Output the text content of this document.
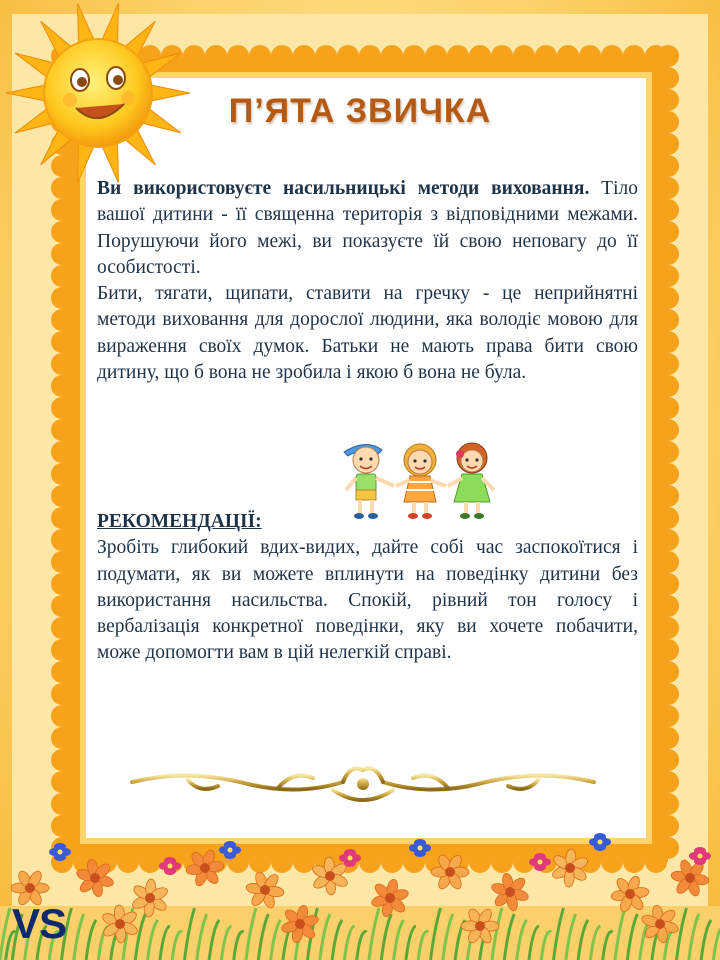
П’ЯТА ЗВИЧКА

Ви використовуєте насильницькі методи виховання. Тіло вашої дитини - її священна територія з відповідними межами. Порушуючи його межі, ви показуєте їй свою неповагу до її особистості.

Бити, тягати, щипати, ставити на гречку - це неприйнятні методи виховання для дорослої людини, яка володіє мовою для вираження своїх думок. Батьки не мають права бити свою дитину, що б вона не зробила і якою б вона не була.

РЕКОМЕНДАЦІЇ:

Зробіть глибокий вдих-видих, дайте собі час заспокоїтися і подумати, як ви можете вплинути на поведінку дитини без використання насильства. Спокій, рівний тон голосу і вербалізація конкретної поведінки, яку ви хочете побачити, може допомогти вам в цій нелегкій справі.

VS
